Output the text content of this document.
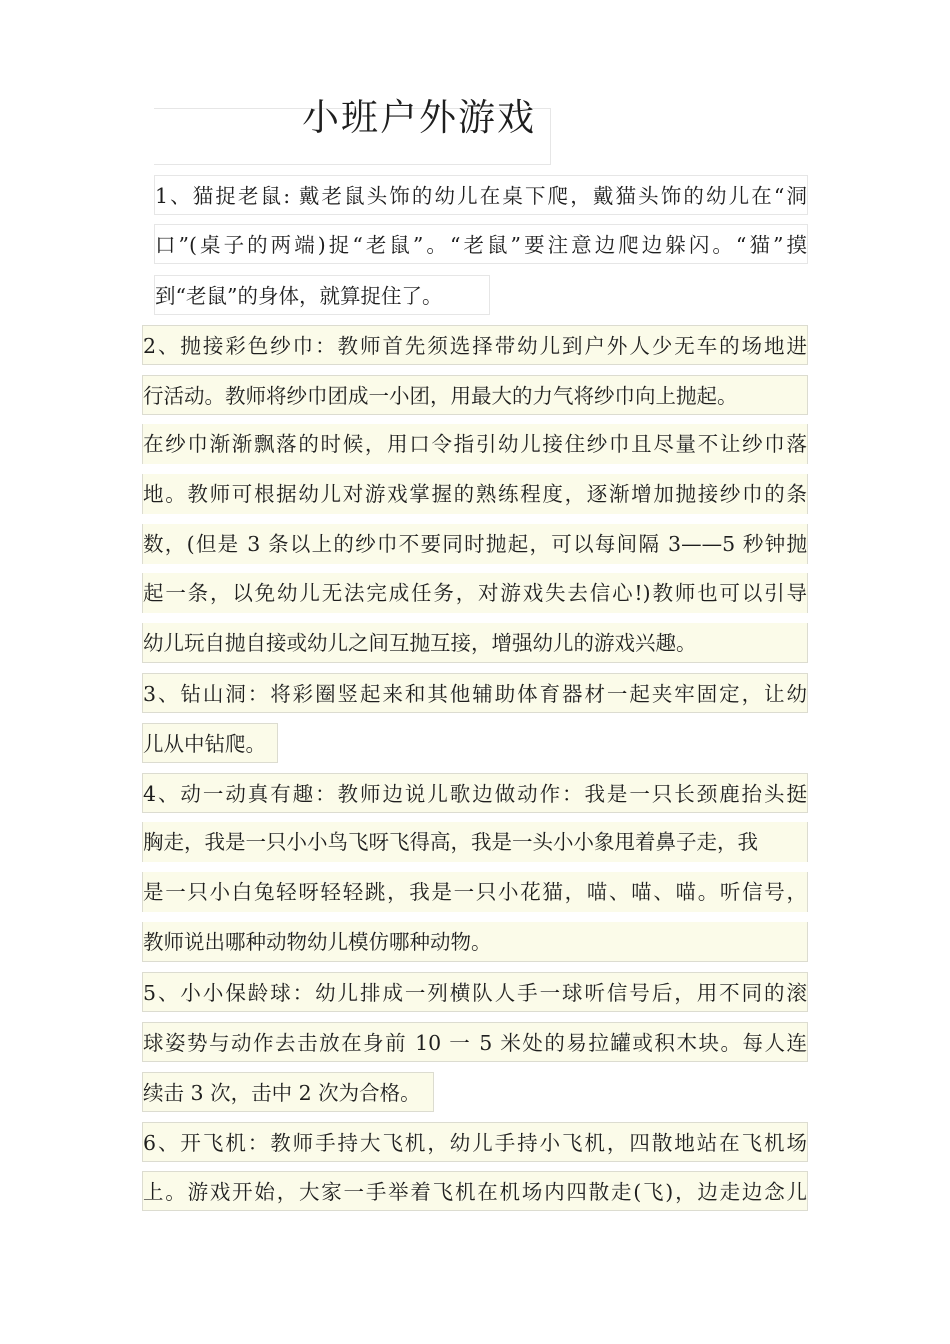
小班户外游戏
1、猫捉老鼠: 戴老鼠头饰的幼儿在桌下爬，戴猫头饰的幼儿在“洞
口”(桌子的两端)捉“老鼠”。“老鼠”要注意边爬边躲闪。“猫”摸
到“老鼠”的身体，就算捉住了。
2、抛接彩色纱巾：教师首先须选择带幼儿到户外人少无车的场地进
行活动。教师将纱巾团成一小团，用最大的力气将纱巾向上抛起。
在纱巾渐渐飘落的时候，用口令指引幼儿接住纱巾且尽量不让纱巾落
地。教师可根据幼儿对游戏掌握的熟练程度，逐渐增加抛接纱巾的条
数，(但是 3 条以上的纱巾不要同时抛起，可以每间隔 3——5 秒钟抛
起一条，以免幼儿无法完成任务，对游戏失去信心!)教师也可以引导
幼儿玩自抛自接或幼儿之间互抛互接，增强幼儿的游戏兴趣。
3、钻山洞：将彩圈竖起来和其他辅助体育器材一起夹牢固定，让幼
儿从中钻爬。
4、动一动真有趣：教师边说儿歌边做动作：我是一只长颈鹿抬头挺
胸走，我是一只小小鸟飞呀飞得高，我是一头小小象甩着鼻子走，我
是一只小白兔轻呀轻轻跳，我是一只小花猫，喵、喵、喵。听信号，
教师说出哪种动物幼儿模仿哪种动物。
5、小小保龄球：幼儿排成一列横队人手一球听信号后，用不同的滚
球姿势与动作去击放在身前 10 一 5 米处的易拉罐或积木块。每人连
续击 3 次，击中 2 次为合格。
6、开飞机：教师手持大飞机，幼儿手持小飞机，四散地站在飞机场
上。游戏开始，大家一手举着飞机在机场内四散走(飞)，边走边念儿
